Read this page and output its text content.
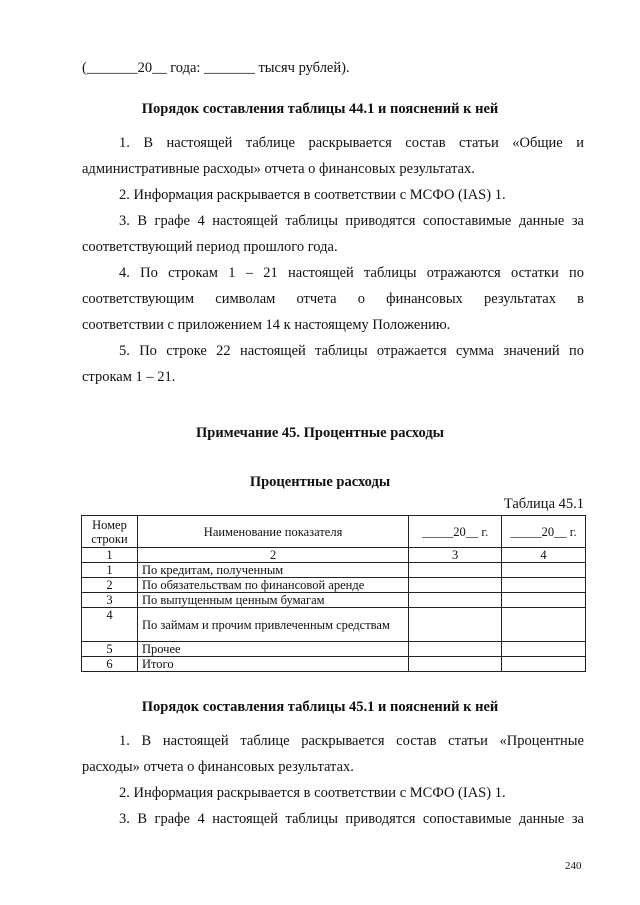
(_______20__ года: _______ тысяч рублей).
Порядок составления таблицы 44.1 и пояснений к ней
1. В настоящей таблице раскрывается состав статьи «Общие и
административные расходы» отчета о финансовых результатах.
2. Информация раскрывается в соответствии с МСФО (IAS) 1.
3. В графе 4 настоящей таблицы приводятся сопоставимые данные за
соответствующий период прошлого года.
4. По строкам 1 – 21 настоящей таблицы отражаются остатки по
соответствующим символам отчета о финансовых результатах в
соответствии с приложением 14 к настоящему Положению.
5. По строке 22 настоящей таблицы отражается сумма значений по
строкам 1 – 21.
Примечание 45. Процентные расходы
Процентные расходы
Таблица 45.1
Номер строки	Наименование показателя	_____20__ г.	_____20__ г.
1	2	3	4
1	По кредитам, полученным		
2	По обязательствам по финансовой аренде		
3	По выпущенным ценным бумагам		
4	По займам и прочим привлеченным средствам		
5	Прочее		
6	Итого		
Порядок составления таблицы 45.1 и пояснений к ней
1. В настоящей таблице раскрывается состав статьи «Процентные
расходы» отчета о финансовых результатах.
2. Информация раскрывается в соответствии с МСФО (IAS) 1.
3. В графе 4 настоящей таблицы приводятся сопоставимые данные за
240
